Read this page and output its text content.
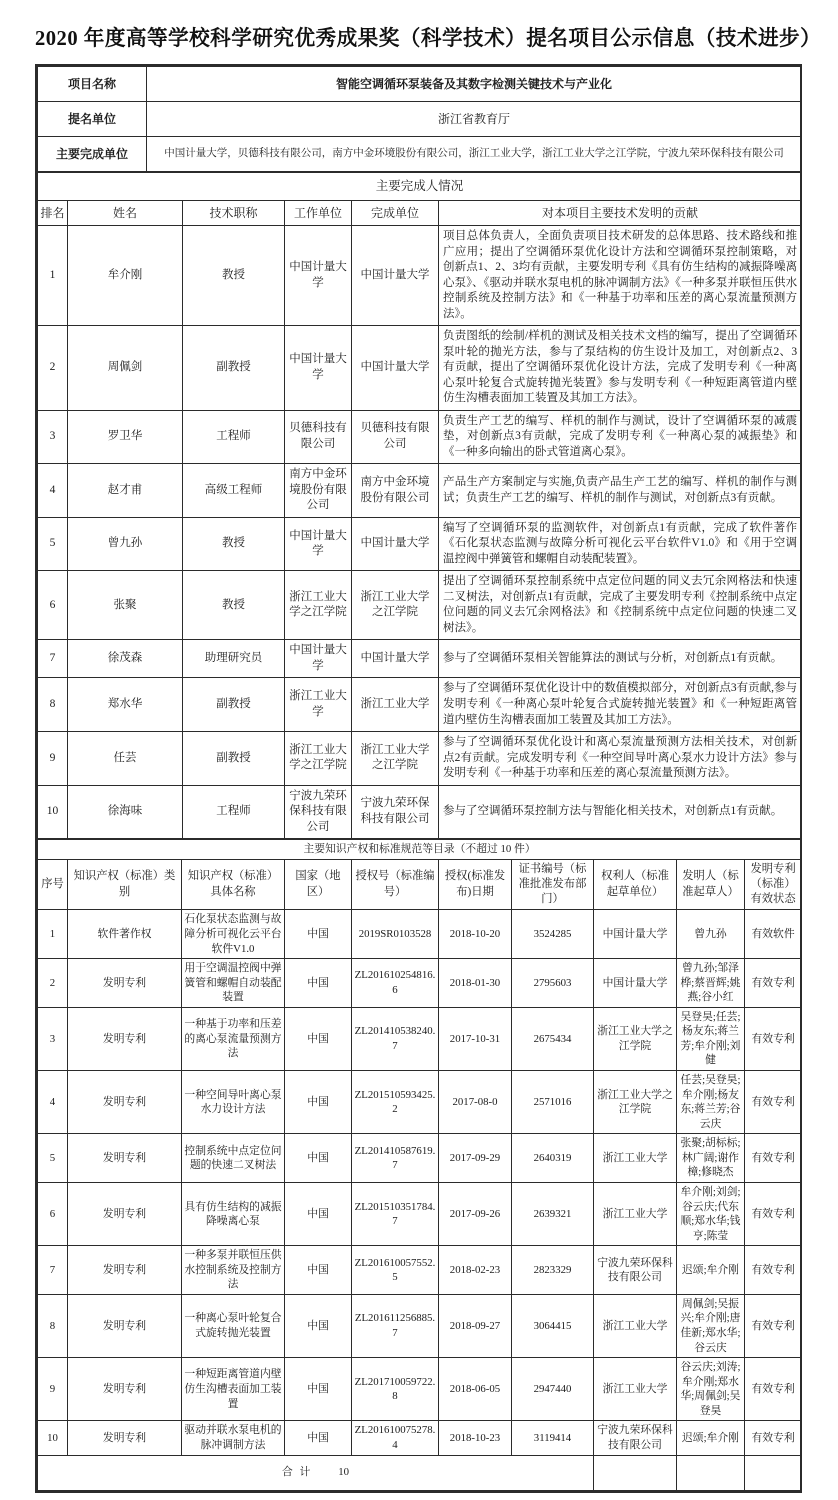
2020 年度高等学校科学研究优秀成果奖（科学技术）提名项目公示信息（技术进步）
项目名称	智能空调循环泵装备及其数字检测关键技术与产业化
提名单位	浙江省教育厅
主要完成单位	中国计量大学，贝德科技有限公司，南方中金环境股份有限公司，浙江工业大学，浙江工业大学之江学院，宁波九荣环保科技有限公司
主要完成人情况					
排名	姓名	技术职称	工作单位	完成单位	对本项目主要技术发明的贡献
1	牟介刚	教授	中国计量大学	中国计量大学	项目总体负责人，全面负责项目技术研发的总体思路、技术路线和推广应用；提出了空调循环泵优化设计方法和空调循环泵控制策略，对创新点1、2、3均有贡献，主要发明专利《具有仿生结构的减振降噪离心泵》、《驱动并联水泵电机的脉冲调制方法》《一种多泵并联恒压供水控制系统及控制方法》和《一种基于功率和压差的离心泵流量预测方法》。
2	周佩剑	副教授	中国计量大学	中国计量大学	负责图纸的绘制/样机的测试及相关技术文档的编写，提出了空调循环泵叶轮的抛光方法，参与了泵结构的仿生设计及加工，对创新点2、3有贡献，提出了空调循环泵优化设计方法，完成了发明专利《一种离心泵叶轮复合式旋转抛光装置》参与发明专利《一种短距离管道内壁仿生沟槽表面加工装置及其加工方法》。
3	罗卫华	工程师	贝德科技有限公司	贝德科技有限公司	负责生产工艺的编写、样机的制作与测试，设计了空调循环泵的减震垫，对创新点3有贡献，完成了发明专利《一种离心泵的减振垫》和《一种多向输出的卧式管道离心泵》。
4	赵才甫	高级工程师	南方中金环境股份有限公司	南方中金环境股份有限公司	产品生产方案制定与实施,负责产品生产工艺的编写、样机的制作与测试；负责生产工艺的编写、样机的制作与测试，对创新点3有贡献。
5	曾九孙	教授	中国计量大学	中国计量大学	编写了空调循环泵的监测软件，对创新点1有贡献，完成了软件著作《石化泵状态监测与故障分析可视化云平台软件V1.0》和《用于空调温控阀中弹簧管和螺帽自动装配装置》。
6	张聚	教授	浙江工业大学之江学院	浙江工业大学之江学院	提出了空调循环泵控制系统中点定位问题的同义去冗余网格法和快速二叉树法，对创新点1有贡献，完成了主要发明专利《控制系统中点定位问题的同义去冗余网格法》和《控制系统中点定位问题的快速二叉树法》。
7	徐茂森	助理研究员	中国计量大学	中国计量大学	参与了空调循环泵相关智能算法的测试与分析，对创新点1有贡献。
8	郑水华	副教授	浙江工业大学	浙江工业大学	参与了空调循环泵优化设计中的数值模拟部分，对创新点3有贡献,参与发明专利《一种离心泵叶轮复合式旋转抛光装置》和《一种短距离管道内壁仿生沟槽表面加工装置及其加工方法》。
9	任芸	副教授	浙江工业大学之江学院	浙江工业大学之江学院	参与了空调循环泵优化设计和离心泵流量预测方法相关技术，对创新点2有贡献。完成发明专利《一种空间导叶离心泵水力设计方法》参与发明专利《一种基于功率和压差的离心泵流量预测方法》。
10	徐海味	工程师	宁波九荣环保科技有限公司	宁波九荣环保科技有限公司	参与了空调循环泵控制方法与智能化相关技术，对创新点1有贡献。
主要知识产权和标准规范等目录（不超过 10 件）									
序号	知识产权（标准）类别	知识产权（标准）具体名称	国家（地区）	授权号（标准编号）	授权(标准发布)日期	证书编号（标准批准发布部门）	权利人（标准起草单位）	发明人（标准起草人）	发明专利（标准）有效状态
1	软件著作权	石化泵状态监测与故障分析可视化云平台软件V1.0	中国	2019SR0103528	2018-10-20	3524285	中国计量大学	曾九孙	有效软件
2	发明专利	用于空调温控阀中弹簧管和螺帽自动装配装置	中国	ZL201610254816.6	2018-01-30	2795603	中国计量大学	曾九孙;邹泽桦;蔡晋辉;姚燕;谷小红	有效专利
3	发明专利	一种基于功率和压差的离心泵流量预测方法	中国	ZL201410538240.7	2017-10-31	2675434	浙江工业大学之江学院	吴登昊;任芸;杨友东;蒋兰芳;牟介刚;刘健	有效专利
4	发明专利	一种空间导叶离心泵水力设计方法	中国	ZL201510593425.2	2017-08-0	2571016	浙江工业大学之江学院	任芸;吴登昊;牟介刚;杨友东;蒋兰芳;谷云庆	有效专利
5	发明专利	控制系统中点定位问题的快速二叉树法	中国	ZL201410587619.7	2017-09-29	2640319	浙江工业大学	张聚;胡标标;林广阔;谢作樟;修晓杰	有效专利
6	发明专利	具有仿生结构的减振降噪离心泵	中国	ZL201510351784.7	2017-09-26	2639321	浙江工业大学	牟介刚;刘剑;谷云庆;代东顺;郑水华;钱亨;陈莹	有效专利
7	发明专利	一种多泵并联恒压供水控制系统及控制方法	中国	ZL201610057552.5	2018-02-23	2823329	宁波九荣环保科技有限公司	迟颂;牟介刚	有效专利
8	发明专利	一种离心泵叶轮复合式旋转抛光装置	中国	ZL201611256885.7	2018-09-27	3064415	浙江工业大学	周佩剑;吴振兴;牟介刚;唐佳新;郑水华;谷云庆	有效专利
9	发明专利	一种短距离管道内壁仿生沟槽表面加工装置	中国	ZL201710059722.8	2018-06-05	2947440	浙江工业大学	谷云庆;刘涛;牟介刚;郑水华;周佩剑;吴登昊	有效专利
10	发明专利	驱动并联水泵电机的脉冲调制方法	中国	ZL201610075278.4	2018-10-23	3119414	宁波九荣环保科技有限公司	迟颂;牟介刚	有效专利
合 计 10									
